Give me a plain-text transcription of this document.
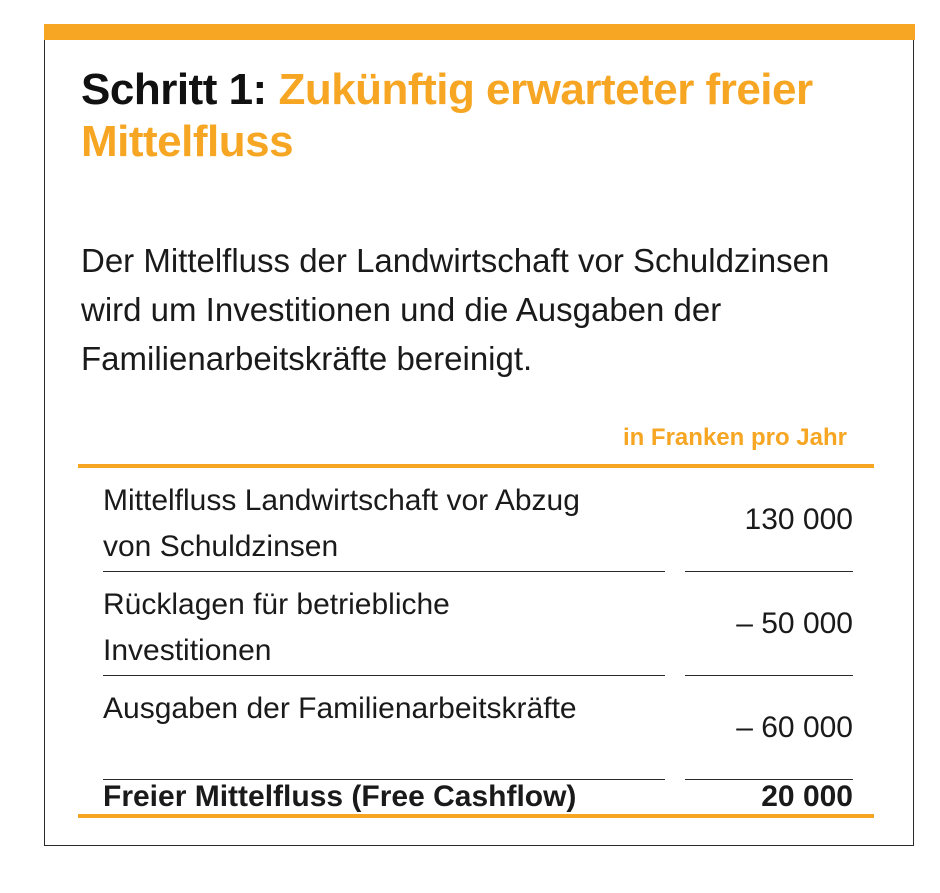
Schritt 1: Zukünftig erwarteter freier Mittelfluss

Der Mittelfluss der Landwirtschaft vor Schuldzinsen wird um Investitionen und die Ausgaben der Familienarbeitskräfte bereinigt.

in Franken pro Jahr
Mittelfluss Landwirtschaft vor Abzug von Schuldzinsen
130 000
Rücklagen für betriebliche Investitionen
– 50 000
Ausgaben der Familienarbeitskräfte
– 60 000
Freier Mittelfluss (Free Cashflow)	20 000
